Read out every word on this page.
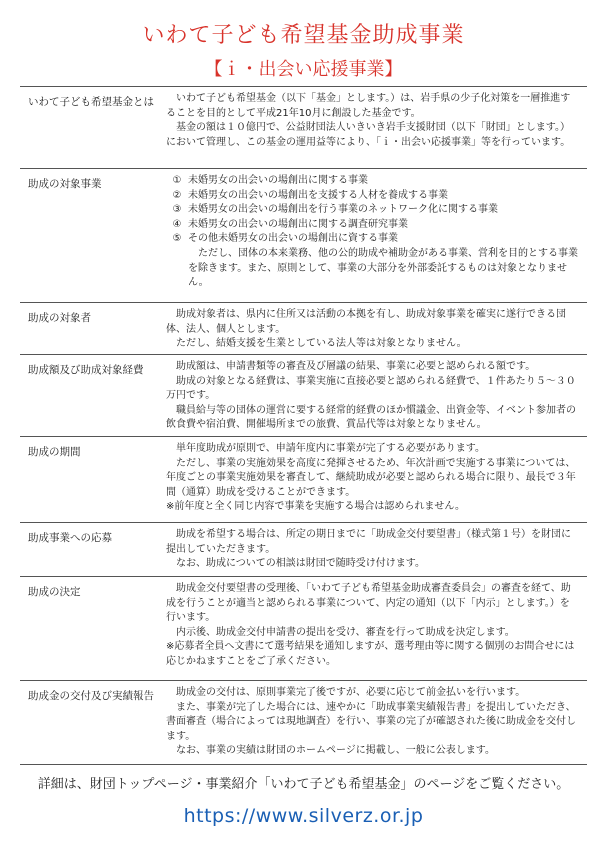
いわて子ども希望基金助成事業
【ｉ・出会い応援事業】
いわて子ども希望基金とは	いわて子ども希望基金（以下「基金」とします。）は、岩手県の少子化対策を一層推進することを目的として平成21年10月に創設した基金です。

基金の額は１０億円で、公益財団法人いきいき岩手支援財団（以下「財団」とします。）において管理し、この基金の運用益等により、「ｉ・出会い応援事業」等を行っています。

助成の対象事業	① 未婚男女の出会いの場創出に関する事業
② 未婚男女の出会いの場創出を支援する人材を養成する事業
③ 未婚男女の出会いの場創出を行う事業のネットワーク化に関する事業
④ 未婚男女の出会いの場創出に関する調査研究事業
⑤ その他未婚男女の出会いの場創出に資する事業

ただし、団体の本来業務、他の公的助成や補助金がある事業、営利を目的とする事業を除きます。また、原則として、事業の大部分を外部委託するものは対象となりません。

助成の対象者	助成対象者は、県内に住所又は活動の本拠を有し、助成対象事業を確実に遂行できる団体、法人、個人とします。

ただし、結婚支援を生業としている法人等は対象となりません。

助成額及び助成対象経費	助成額は、申請書類等の審査及び層議の結果、事業に必要と認められる額です。

助成の対象となる経費は、事業実施に直接必要と認められる経費で、１件あたり５〜３０万円です。

職員給与等の団体の運営に要する経常的経費のほか慣議金、出資金等、イベント参加者の飲食費や宿泊費、開催場所までの旅費、賞品代等は対象となりません。

助成の期間	単年度助成が原則で、申請年度内に事業が完了する必要があります。

ただし、事業の実施効果を高度に発揮させるため、年次計画で実施する事業については、年度ごとの事業実施効果を審査して、継続助成が必要と認められる場合に限り、最長で３年間（通算）助成を受けることができます。

※前年度と全く同じ内容で事業を実施する場合は認められません。

助成事業への応募	助成を希望する場合は、所定の期日までに「助成金交付要望書」（様式第１号）を財団に提出していただきます。

なお、助成についての相談は財団で随時受け付けます。

助成の決定	助成金交付要望書の受理後、「いわて子ども希望基金助成審査委員会」の審査を経て、助成を行うことが適当と認められる事業について、内定の通知（以下「内示」とします。）を行います。

内示後、助成金交付申請書の提出を受け、審査を行って助成を決定します。

※応募者全員へ文書にて選考結果を通知しますが、選考理由等に関する個別のお問合せには応じかねますことをご了承ください。

助成金の交付及び実績報告	助成金の交付は、原則事業完了後ですが、必要に応じて前金払いを行います。

また、事業が完了した場合には、速やかに「助成事業実績報告書」を提出していただき、書面審査（場合によっては現地調査）を行い、事業の完了が確認された後に助成金を交付します。

なお、事業の実績は財団のホームページに掲載し、一般に公表します。

詳細は、財団トップページ・事業紹介「いわて子ども希望基金」のページをご覧ください。
https://www.silverz.or.jp
